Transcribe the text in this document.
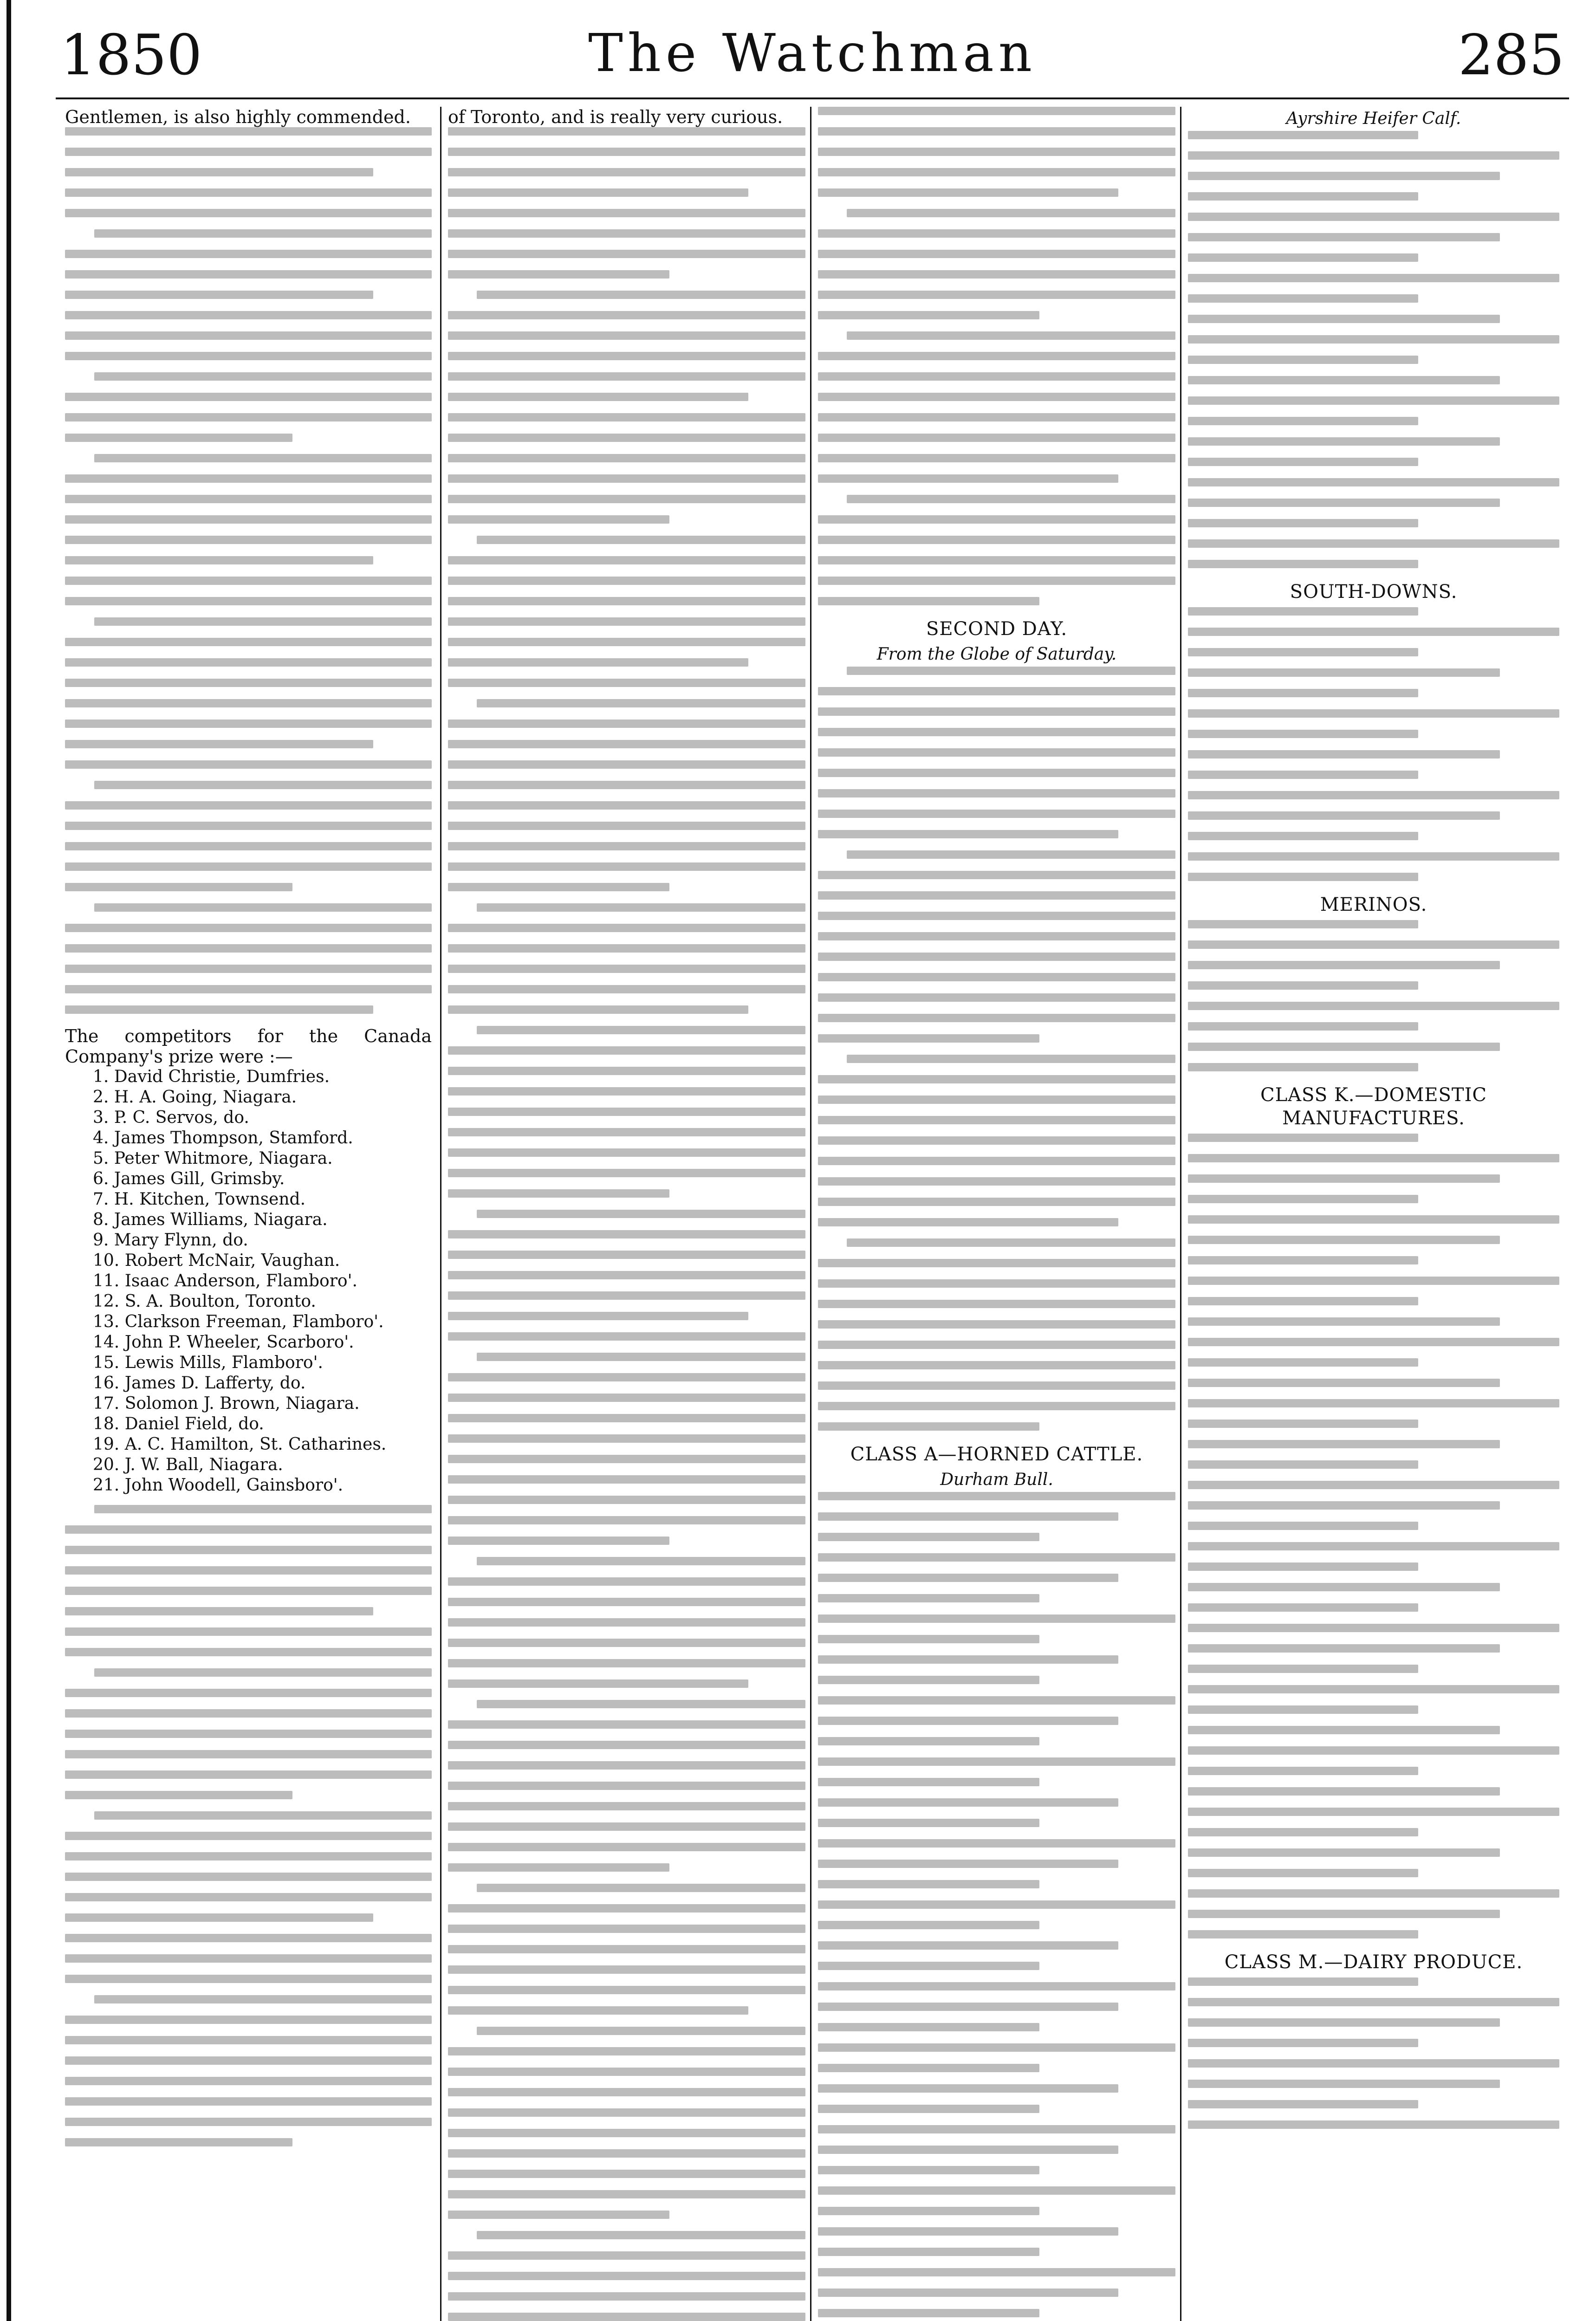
1850	The Watchman	285

Gentlemen, is also highly commended.

The competitors for the Canada Company's prize were :—

1. David Christie, Dumfries.
2. H. A. Going, Niagara.
3. P. C. Servos, do.
4. James Thompson, Stamford.
5. Peter Whitmore, Niagara.
6. James Gill, Grimsby.
7. H. Kitchen, Townsend.
8. James Williams, Niagara.
9. Mary Flynn, do.
10. Robert McNair, Vaughan.
11. Isaac Anderson, Flamboro'.
12. S. A. Boulton, Toronto.
13. Clarkson Freeman, Flamboro'.
14. John P. Wheeler, Scarboro'.
15. Lewis Mills, Flamboro'.
16. James D. Lafferty, do.
17. Solomon J. Brown, Niagara.
18. Daniel Field, do.
19. A. C. Hamilton, St. Catharines.
20. J. W. Ball, Niagara.
21. John Woodell, Gainsboro'.

of Toronto, and is really very curious.

SECOND DAY.
From the Globe of Saturday.
CLASS A—HORNED CATTLE.
Durham Bull.
Ayrshire Heifer Calf.
SOUTH-DOWNS.
MERINOS.
CLASS K.—DOMESTIC MANUFACTURES.
CLASS M.—DAIRY PRODUCE.
